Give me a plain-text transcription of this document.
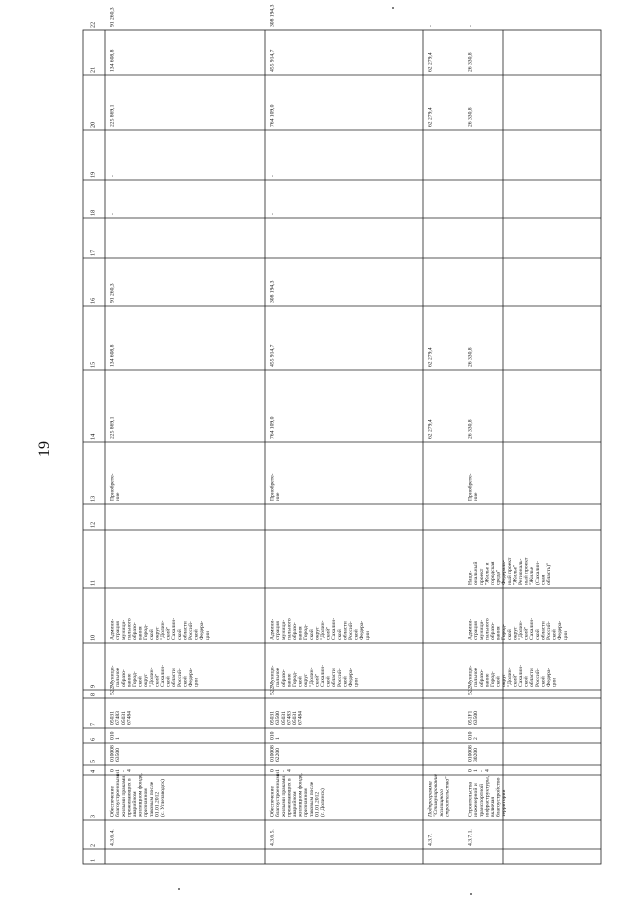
19
1
2
3
4
5
6
7
8
9
10
11
12
13
14
15
16
17
18
19
20
21
22
4.3.6.4.
Обеспечение благоустроенными жилыми праками, проживающих в аварийном жилищном фонде, признанном таковым после 01.01.2012 (с. Углезаводск)
0 1 - 4
010008 63500
010 1
05031 67483 05031 67484
522
Муници- пальное образо- вание Город- ской округ "Долин- ский" Сахалин- ской области Россий- ской Федера- ции
Админи- страция муници- пального образо- вания Город- ской округ "Долин- ский" Сахалин- ской области Россий- ской Федера- ции
Приобрете- ние
225 869,1
134 608,8
91 260,3
-
-
225 869,1
134 608,8
91 260,3
4.3.6.5.
Обеспечение благоустроенными жилыми праками, проживающих в аварийном жилищном фонде, признанном таковым после 01.01.2012 (г. Долинск)
0 1 - 4
010008 62200
010 1
05031 63500 05031 67483 05031 67484
522
Муници- пальное образо- вание Город- ской округ "Долин- ский" Сахалин- ской области Россий- ской Федера- ции
Админи- страция муници- пального образо- вания Город- ской округ "Долин- ский" Сахалин- ской области Россий- ской Федера- ции
Приобрете- ние
764 109,0
455 914,7
308 194,3
-
-
764 109,0
455 914,7
308 194,3
4.3.7.
Подпрограмма "Стимулирование жилищного строительства"
62 279,4
62 279,4
62 279,4
62 279,4
-
4.3.7.1.
Строительства инженерной и транспортной инфраструктуры, включая благоустройство территории
0 1 - 4
010008 30200
010 2
051F1 63500
522
Муници- пальное образо- вание Город- ской округ "Долин- ский" Сахалин- ской области Россий- ской Федера- ции
Админи- страция муници- пального образо- вания Город- ской округ "Долин- ский" Сахалин- ской области Россий- ской Федера- ции
Наци- ональный проект "Жилье и городская среда" Федераль- ный проект "Жилье" Региональ- ный проект "Жилье (Сахалин- ская область)"
Приобрете- ние
26 330,8
26 330,8
26 330,8
26 330,8
-
